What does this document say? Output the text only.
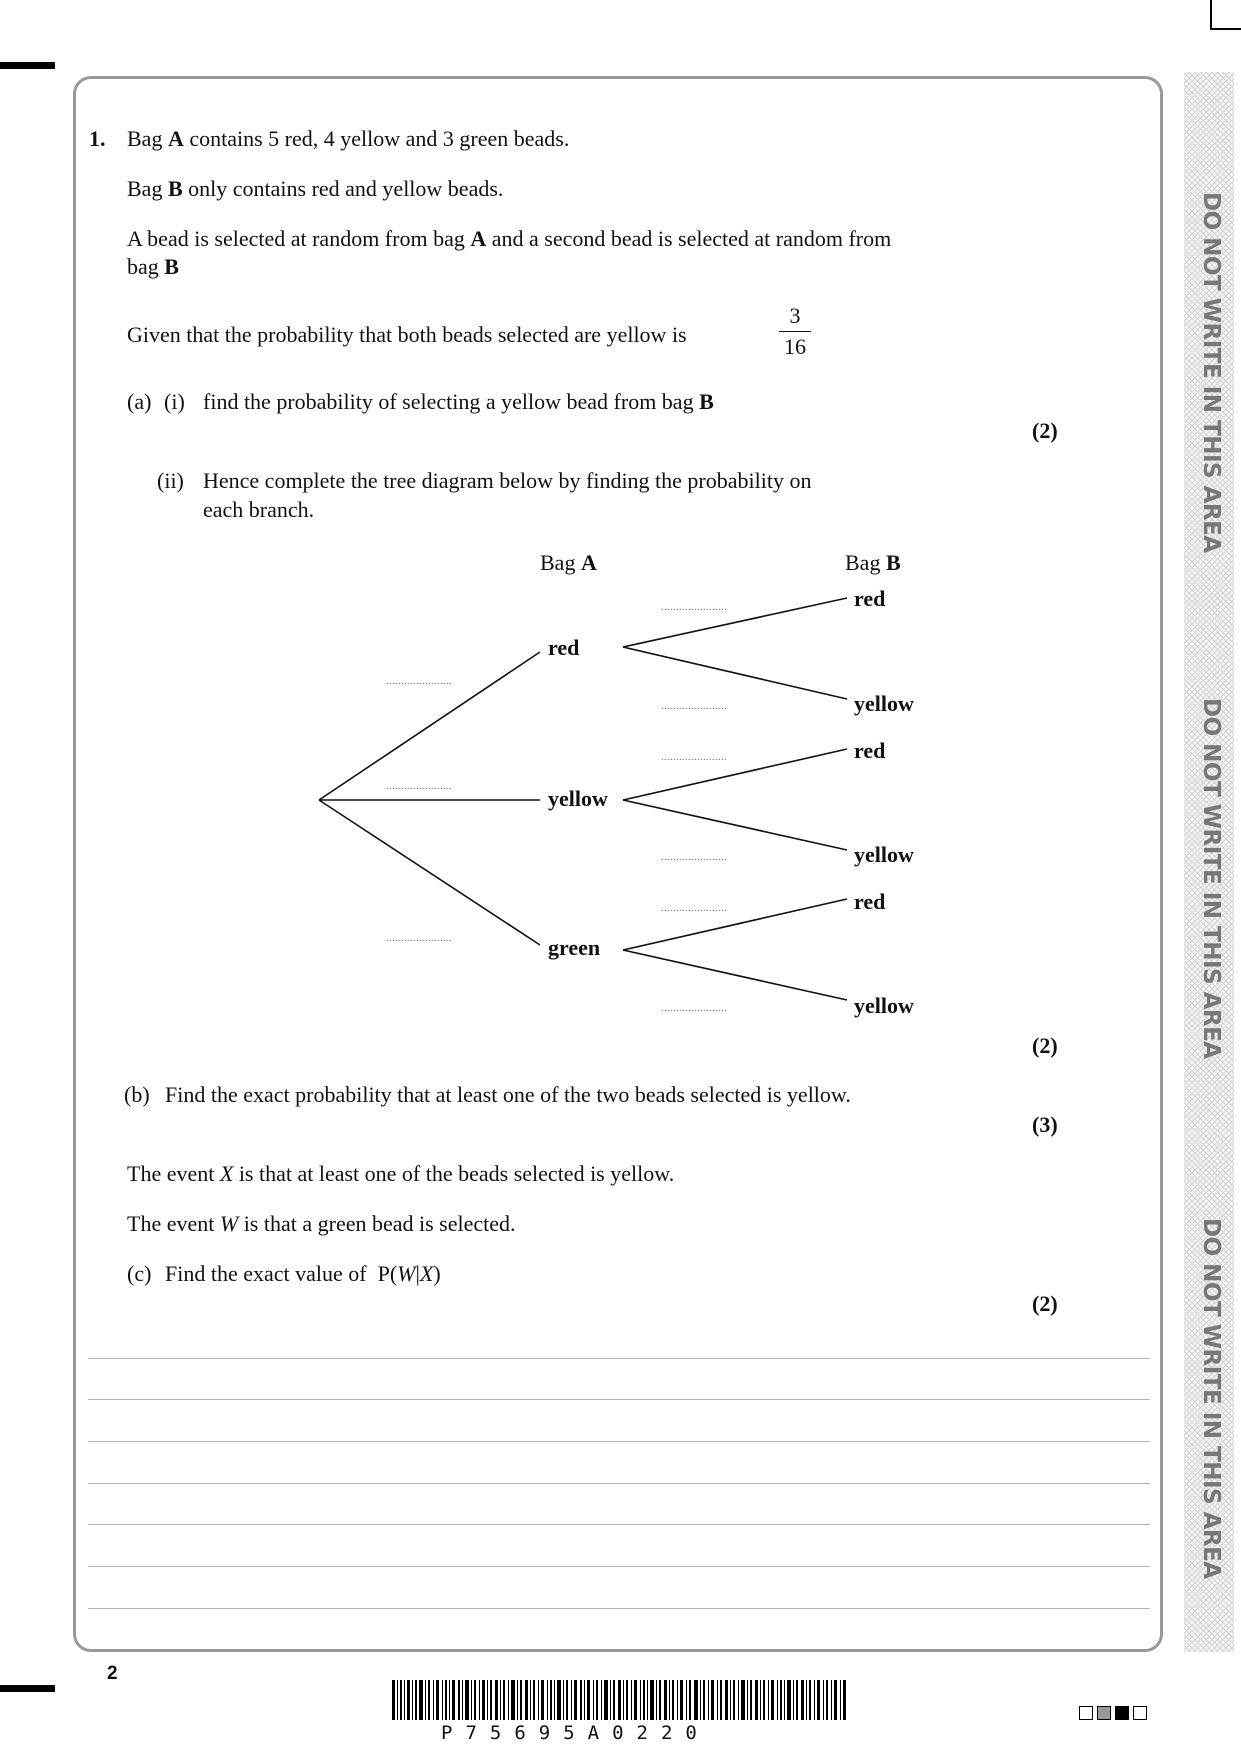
DO NOT WRITE IN THIS AREA
DO NOT WRITE IN THIS AREA
DO NOT WRITE IN THIS AREA
1. Bag A contains 5 red, 4 yellow and 3 green beads.
Bag B only contains red and yellow beads.
A bead is selected at random from bag A and a second bead is selected at random from
bag B
Given that the probability that both beads selected are yellow is
3
16
(a) (i) find the probability of selecting a yellow bead from bag B
(2)
(ii) Hence complete the tree diagram below by finding the probability on
each branch.
Bag A	Bag B
red
yellow
green
red
yellow
red
yellow
red
yellow
......................
......................
......................
......................
......................
......................
......................
......................
......................
(2)
(b) Find the exact probability that at least one of the two beads selected is yellow.
(3)
The event X is that at least one of the beads selected is yellow.
The event W is that a green bead is selected.
(c) Find the exact value of P(W|X)
(2)
2
P75695A0220
